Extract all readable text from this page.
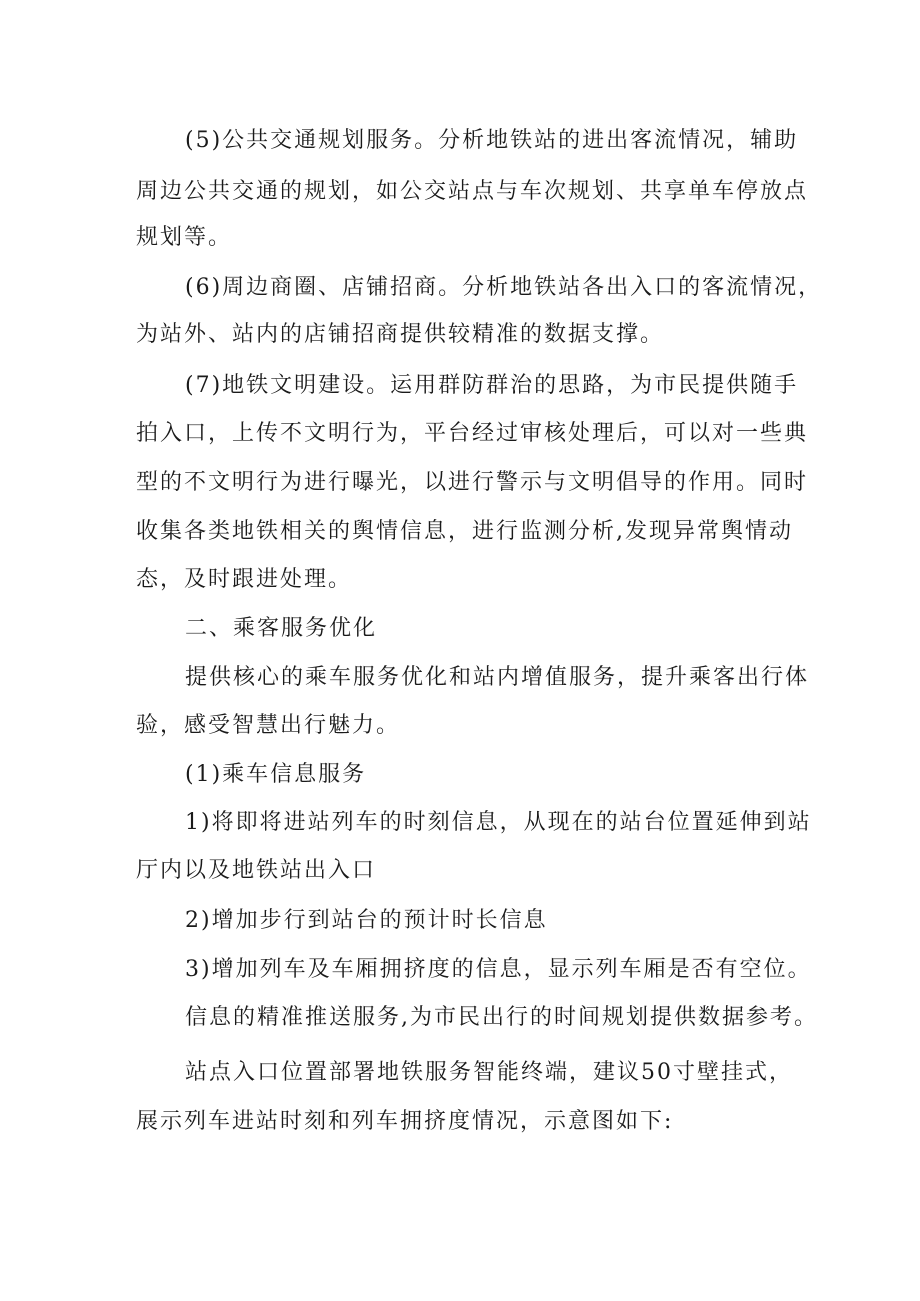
(5)公共交通规划服务。分析地铁站的进出客流情况，辅助
周边公共交通的规划，如公交站点与车次规划、共享单车停放点
规划等。
(6)周边商圈、店铺招商。分析地铁站各出入口的客流情况，
为站外、站内的店铺招商提供较精准的数据支撑。
(7)地铁文明建设。运用群防群治的思路，为市民提供随手
拍入口，上传不文明行为，平台经过审核处理后，可以对一些典
型的不文明行为进行曝光，以进行警示与文明倡导的作用。同时
收集各类地铁相关的舆情信息，进行监测分析,发现异常舆情动
态，及时跟进处理。
二、乘客服务优化
提供核心的乘车服务优化和站内增值服务，提升乘客出行体
验，感受智慧出行魅力。
(1)乘车信息服务
1)将即将进站列车的时刻信息，从现在的站台位置延伸到站
厅内以及地铁站出入口
2)增加步行到站台的预计时长信息
3)增加列车及车厢拥挤度的信息，显示列车厢是否有空位。
信息的精准推送服务,为市民出行的时间规划提供数据参考。
站点入口位置部署地铁服务智能终端，建议50寸壁挂式，
展示列车进站时刻和列车拥挤度情况，示意图如下:
